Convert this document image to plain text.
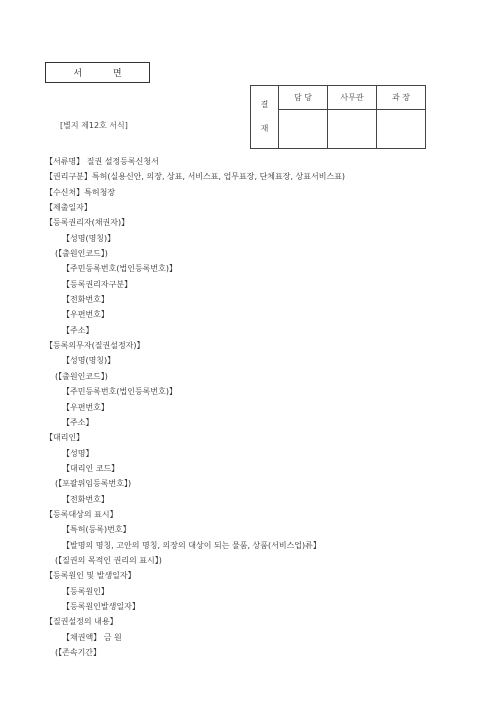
서 면
[별지 제12호 서식]
결
재	담 당	사무관	과 장

【서류명】 질권 설정등록신청서
【권리구분】특허(실용신안, 의장, 상표, 서비스표, 업무표장, 단체표장, 상표서비스표)
【수신처】특허청장
【제출일자】
【등록권리자(채권자)】
【성명(명칭)】
(【출원인코드】)
【주민등록번호(법인등록번호)】
【등록권리자구분】
【전화번호】
【우편번호】
【주소】
【등록의무자(질권설정자)】
【성명(명칭)】
(【출원인코드】)
【주민등록번호(법인등록번호)】
【우편번호】
【주소】
【대리인】
【성명】
【대리인 코드】
(【포괄위임등록번호】)
【전화번호】
【등록대상의 표시】
【특허(등록)번호】
【발명의 명칭, 고안의 명칭, 의장의 대상이 되는 물품, 상품(서비스업)류】
(【질권의 목적인 권리의 표시】)
【등록원인 및 발생일자】
【등록원인】
【등록원인발생일자】
【질권설정의 내용】
【채권액】 금 원
(【존속기간】
